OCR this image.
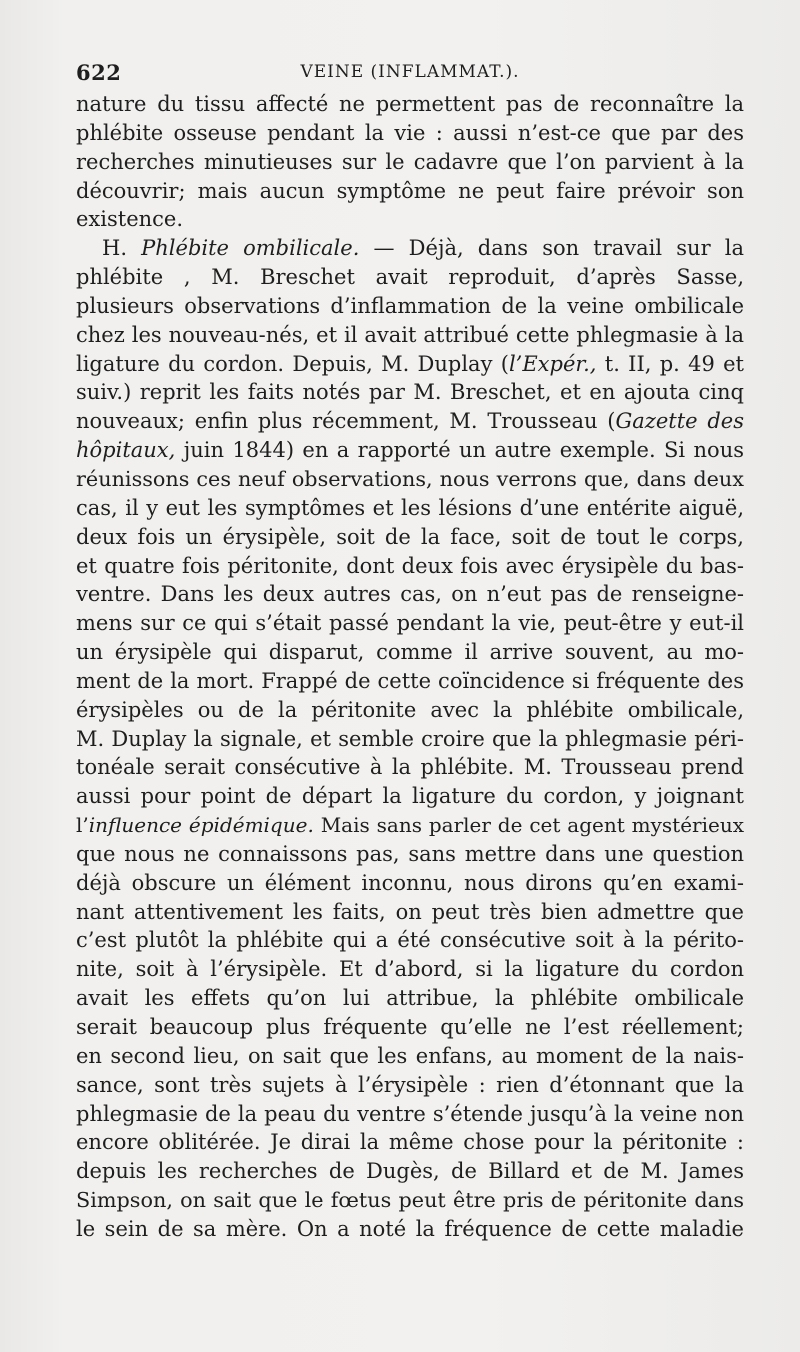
622	VEINE (INFLAMMAT.).
nature du tissu affecté ne permettent pas de reconnaître la
phlébite osseuse pendant la vie : aussi n’est-ce que par des
recherches minutieuses sur le cadavre que l’on parvient à la
découvrir; mais aucun symptôme ne peut faire prévoir son
existence.
H. Phlébite ombilicale. — Déjà, dans son travail sur la
phlébite , M. Breschet avait reproduit, d’après Sasse,
plusieurs observations d’inflammation de la veine ombilicale
chez les nouveau-nés, et il avait attribué cette phlegmasie à la
ligature du cordon. Depuis, M. Duplay (l’Expér., t. II, p. 49 et
suiv.) reprit les faits notés par M. Breschet, et en ajouta cinq
nouveaux; enfin plus récemment, M. Trousseau (Gazette des
hôpitaux, juin 1844) en a rapporté un autre exemple. Si nous
réunissons ces neuf observations, nous verrons que, dans deux
cas, il y eut les symptômes et les lésions d’une entérite aiguë,
deux fois un érysipèle, soit de la face, soit de tout le corps,
et quatre fois péritonite, dont deux fois avec érysipèle du bas-
ventre. Dans les deux autres cas, on n’eut pas de renseigne-
mens sur ce qui s’était passé pendant la vie, peut-être y eut-il
un érysipèle qui disparut, comme il arrive souvent, au mo-
ment de la mort. Frappé de cette coïncidence si fréquente des
érysipèles ou de la péritonite avec la phlébite ombilicale,
M. Duplay la signale, et semble croire que la phlegmasie péri-
tonéale serait consécutive à la phlébite. M. Trousseau prend
aussi pour point de départ la ligature du cordon, y joignant
l’influence épidémique. Mais sans parler de cet agent mystérieux
que nous ne connaissons pas, sans mettre dans une question
déjà obscure un élément inconnu, nous dirons qu’en exami-
nant attentivement les faits, on peut très bien admettre que
c’est plutôt la phlébite qui a été consécutive soit à la périto-
nite, soit à l’érysipèle. Et d’abord, si la ligature du cordon
avait les effets qu’on lui attribue, la phlébite ombilicale
serait beaucoup plus fréquente qu’elle ne l’est réellement;
en second lieu, on sait que les enfans, au moment de la nais-
sance, sont très sujets à l’érysipèle : rien d’étonnant que la
phlegmasie de la peau du ventre s’étende jusqu’à la veine non
encore oblitérée. Je dirai la même chose pour la péritonite :
depuis les recherches de Dugès, de Billard et de M. James
Simpson, on sait que le fœtus peut être pris de péritonite dans
le sein de sa mère. On a noté la fréquence de cette maladie
